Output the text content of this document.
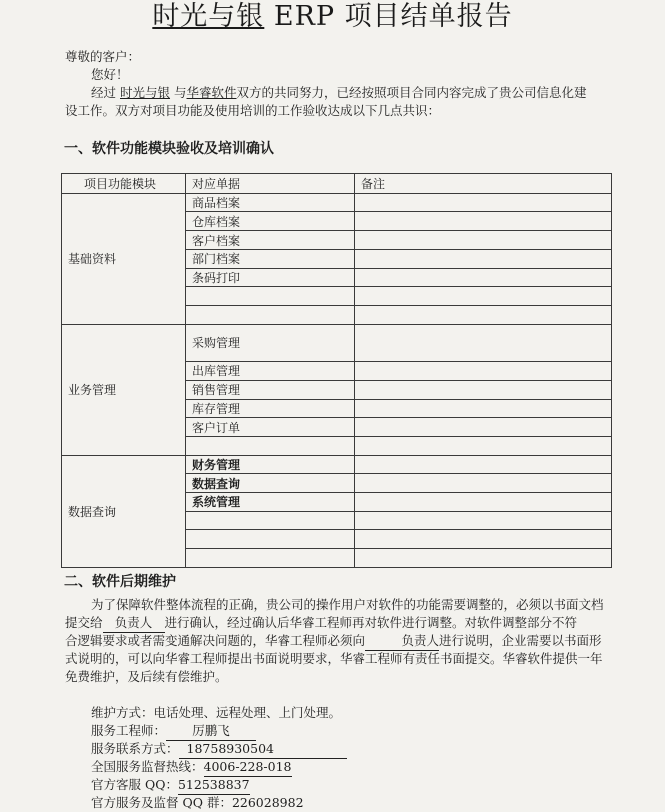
时光与银 ERP 项目结单报告
尊敬的客户：
您好！
经过 时光与银 与华睿软件双方的共同努力，已经按照项目合同内容完成了贵公司信息化建
设工作。双方对项目功能及使用培训的工作验收达成以下几点共识：
一、软件功能模块验收及培训确认
项目功能模块	对应单据	备注
基础资料	商品档案	
	仓库档案	
	客户档案	
	部门档案	
	条码打印	

业务管理	采购管理	
	出库管理	
	销售管理	
	库存管理	
	客户订单	

数据查询	财务管理	
	数据查询	
	系统管理	

二、软件后期维护
为了保障软件整体流程的正确，贵公司的操作用户对软件的功能需要调整的，必须以书面文档
提交给 负责人 进行确认，经过确认后华睿工程师再对软件进行调整。对软件调整部分不符
合逻辑要求或者需变通解决问题的，华睿工程师必须向	负责人进行说明，企业需要以书面形
式说明的，可以向华睿工程师提出书面说明要求，华睿工程师有责任书面提交。华睿软件提供一年
免费维护，及后续有偿维护。
维护方式：电话处理、远程处理、上门处理。
服务工程师： 厉鹏飞
服务联系方式： 18758930504
全国服务监督热线：4006-228-018
官方客服 QQ：512538837
官方服务及监督 QQ 群：226028982
